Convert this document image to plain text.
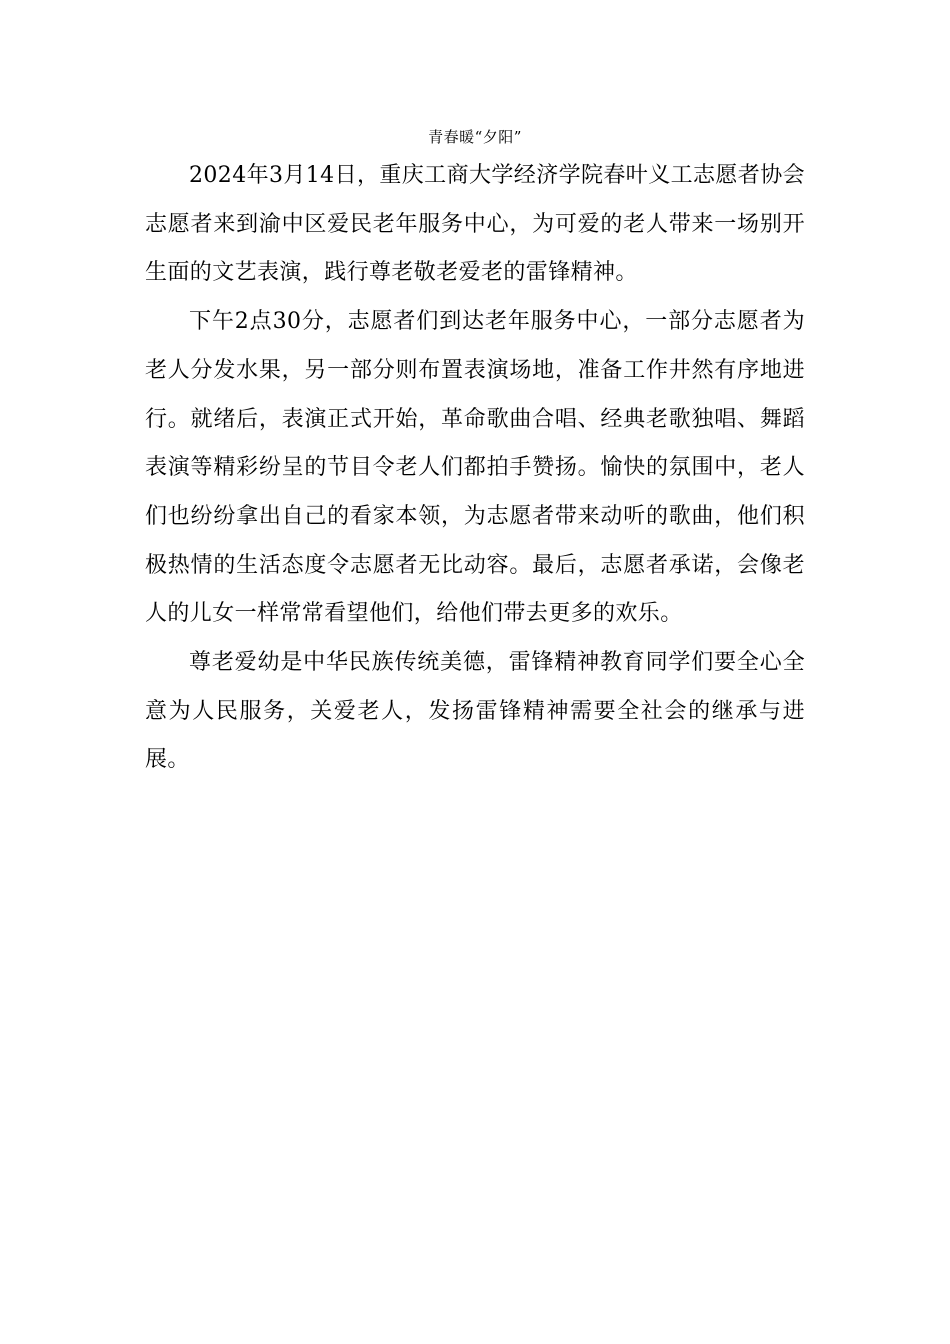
青春暖“夕阳”

2024年3月14日，重庆工商大学经济学院春叶义工志愿者协会志愿者来到渝中区爱民老年服务中心，为可爱的老人带来一场别开生面的文艺表演，践行尊老敬老爱老的雷锋精神。

下午2点30分，志愿者们到达老年服务中心，一部分志愿者为老人分发水果，另一部分则布置表演场地，准备工作井然有序地进行。就绪后，表演正式开始，革命歌曲合唱、经典老歌独唱、舞蹈表演等精彩纷呈的节目令老人们都拍手赞扬。愉快的氛围中，老人们也纷纷拿出自己的看家本领，为志愿者带来动听的歌曲，他们积极热情的生活态度令志愿者无比动容。最后，志愿者承诺，会像老人的儿女一样常常看望他们，给他们带去更多的欢乐。

尊老爱幼是中华民族传统美德，雷锋精神教育同学们要全心全意为人民服务，关爱老人，发扬雷锋精神需要全社会的继承与进展。
